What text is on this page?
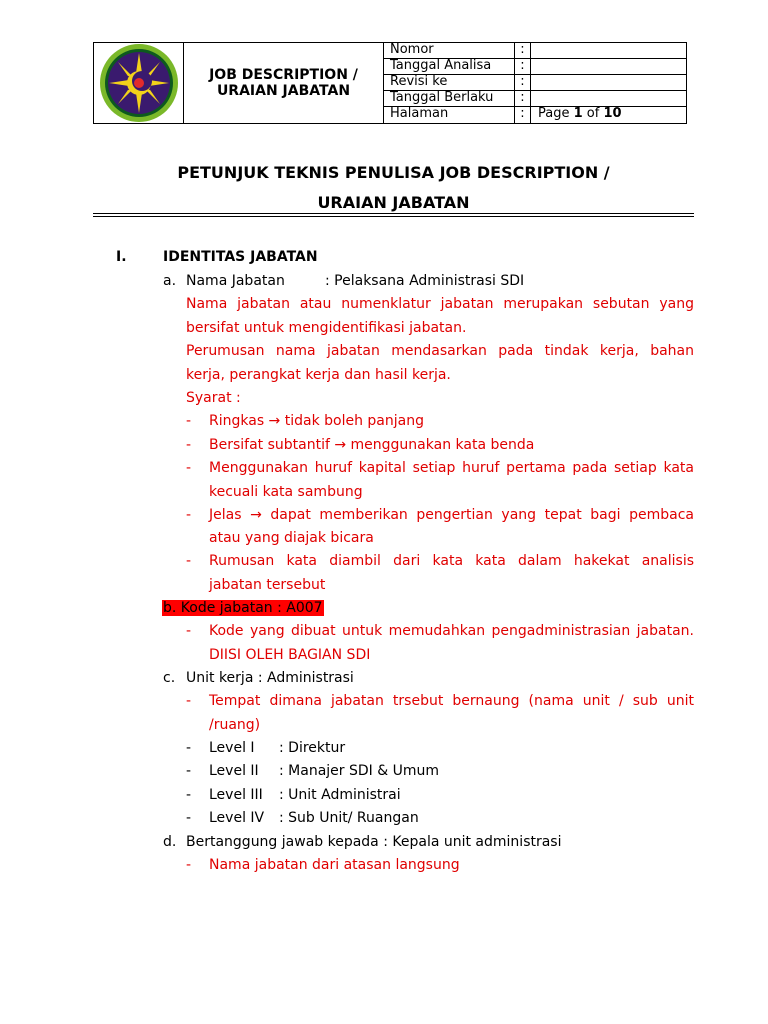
JOB DESCRIPTION /
URAIAN JABATAN
Nomor	:
Tanggal Analisa	:
Revisi ke	:
Tanggal Berlaku	:
Halaman	:	Page 1 of 10
PETUNJUK TEKNIS PENULISA JOB DESCRIPTION /
URAIAN JABATAN
I.	IDENTITAS JABATAN
a. Nama Jabatan	: Pelaksana Administrasi SDI
Nama jabatan atau numenklatur jabatan merupakan sebutan yang
bersifat untuk mengidentifikasi jabatan.
Perumusan nama jabatan mendasarkan pada tindak kerja, bahan
kerja, perangkat kerja dan hasil kerja.
Syarat :
- Ringkas → tidak boleh panjang
- Bersifat subtantif → menggunakan kata benda
- Menggunakan huruf kapital setiap huruf pertama pada setiap kata
kecuali kata sambung
- Jelas → dapat memberikan pengertian yang tepat bagi pembaca
atau yang diajak bicara
- Rumusan kata diambil dari kata kata dalam hakekat analisis
jabatan tersebut
b. Kode jabatan : A007
- Kode yang dibuat untuk memudahkan pengadministrasian jabatan.
DIISI OLEH BAGIAN SDI
c. Unit kerja : Administrasi
- Tempat dimana jabatan trsebut bernaung (nama unit / sub unit
/ruang)
- Level I : Direktur
- Level II : Manajer SDI & Umum
- Level III : Unit Administrai
- Level IV : Sub Unit/ Ruangan
d. Bertanggung jawab kepada : Kepala unit administrasi
- Nama jabatan dari atasan langsung
